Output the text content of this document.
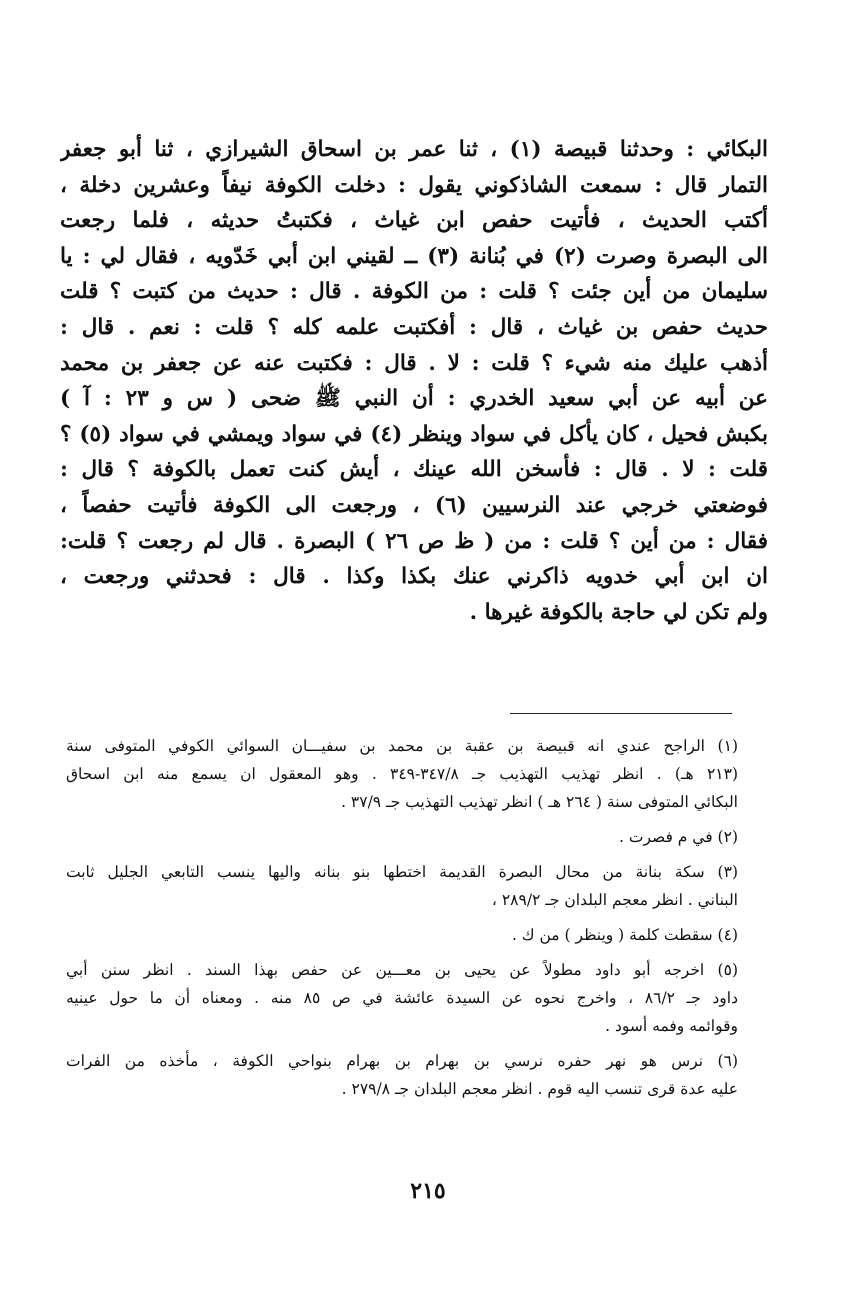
البكائي : وحدثنا قبيصة (١) ، ثنا عمر بن اسحاق الشيرازي ، ثنا أبو جعفر
التمار قال : سمعت الشاذكوني يقول : دخلت الكوفة نيفاً وعشرين دخلة ،
أكتب الحديث ، فأتيت حفص ابن غياث ، فكتبتُ حديثه ، فلما رجعت
الى البصرة وصرت (٢) في بُنانة (٣) ــ لقيني ابن أبي خَدّويه ، فقال لي : يا
سليمان من أين جئت ؟ قلت : من الكوفة . قال : حديث من كتبت ؟ قلت
حديث حفص بن غياث ، قال : أفكتبت علمه كله ؟ قلت : نعم . قال :
أذهب عليك منه شيء ؟ قلت : لا . قال : فكتبت عنه عن جعفر بن محمد
عن أبيه عن أبي سعيد الخدري : أن النبي ﷺ ضحى ( س و ٢٣ : آ )
بكبش فحيل ، كان يأكل في سواد وينظر (٤) في سواد ويمشي في سواد (٥) ؟
قلت : لا . قال : فأسخن الله عينك ، أيش كنت تعمل بالكوفة ؟ قال :
فوضعتي خرجي عند النرسيين (٦) ، ورجعت الى الكوفة فأتيت حفصاً ،
فقال : من أين ؟ قلت : من ( ظ ص ٢٦ ) البصرة . قال لم رجعت ؟ قلت:
ان ابن أبي خدويه ذاكرني عنك بكذا وكذا . قال : فحدثني ورجعت ،
ولم تكن لي حاجة بالكوفة غيرها .
(١) الراجح عندي انه قبيصة بن عقبة بن محمد بن سفيـــان السوائي الكوفي المتوفى سنة
(٢١٣ هـ) . انظر تهذيب التهذيب جـ ٣٤٧/٨-٣٤٩ . وهو المعقول ان يسمع منه ابن اسحاق
البكائي المتوفى سنة ( ٢٦٤ هـ ) انظر تهذيب التهذيب جـ ٣٧/٩ .
(٢) في م فصرت .
(٣) سكة بنانة من محال البصرة القديمة اختطها بنو بنانه واليها ينسب التابعي الجليل ثابت
البناني . انظر معجم البلدان جـ ٢٨٩/٢ ،
(٤) سقطت كلمة ( وينظر ) من ك .
(٥) اخرجه أبو داود مطولاً عن يحيى بن معـــين عن حفص بهذا السند . انظر سنن أبي
داود جـ ٨٦/٢ ، واخرج نحوه عن السيدة عائشة في ص ٨٥ منه . ومعناه أن ما حول عينيه
وقوائمه وفمه أسود .
(٦) نرس هو نهر حفره نرسي بن بهرام بن بهرام بنواحي الكوفة ، مأخذه من الفرات
عليه عدة قرى تنسب اليه قوم . انظر معجم البلدان جـ ٢٧٩/٨ .
٢١٥
